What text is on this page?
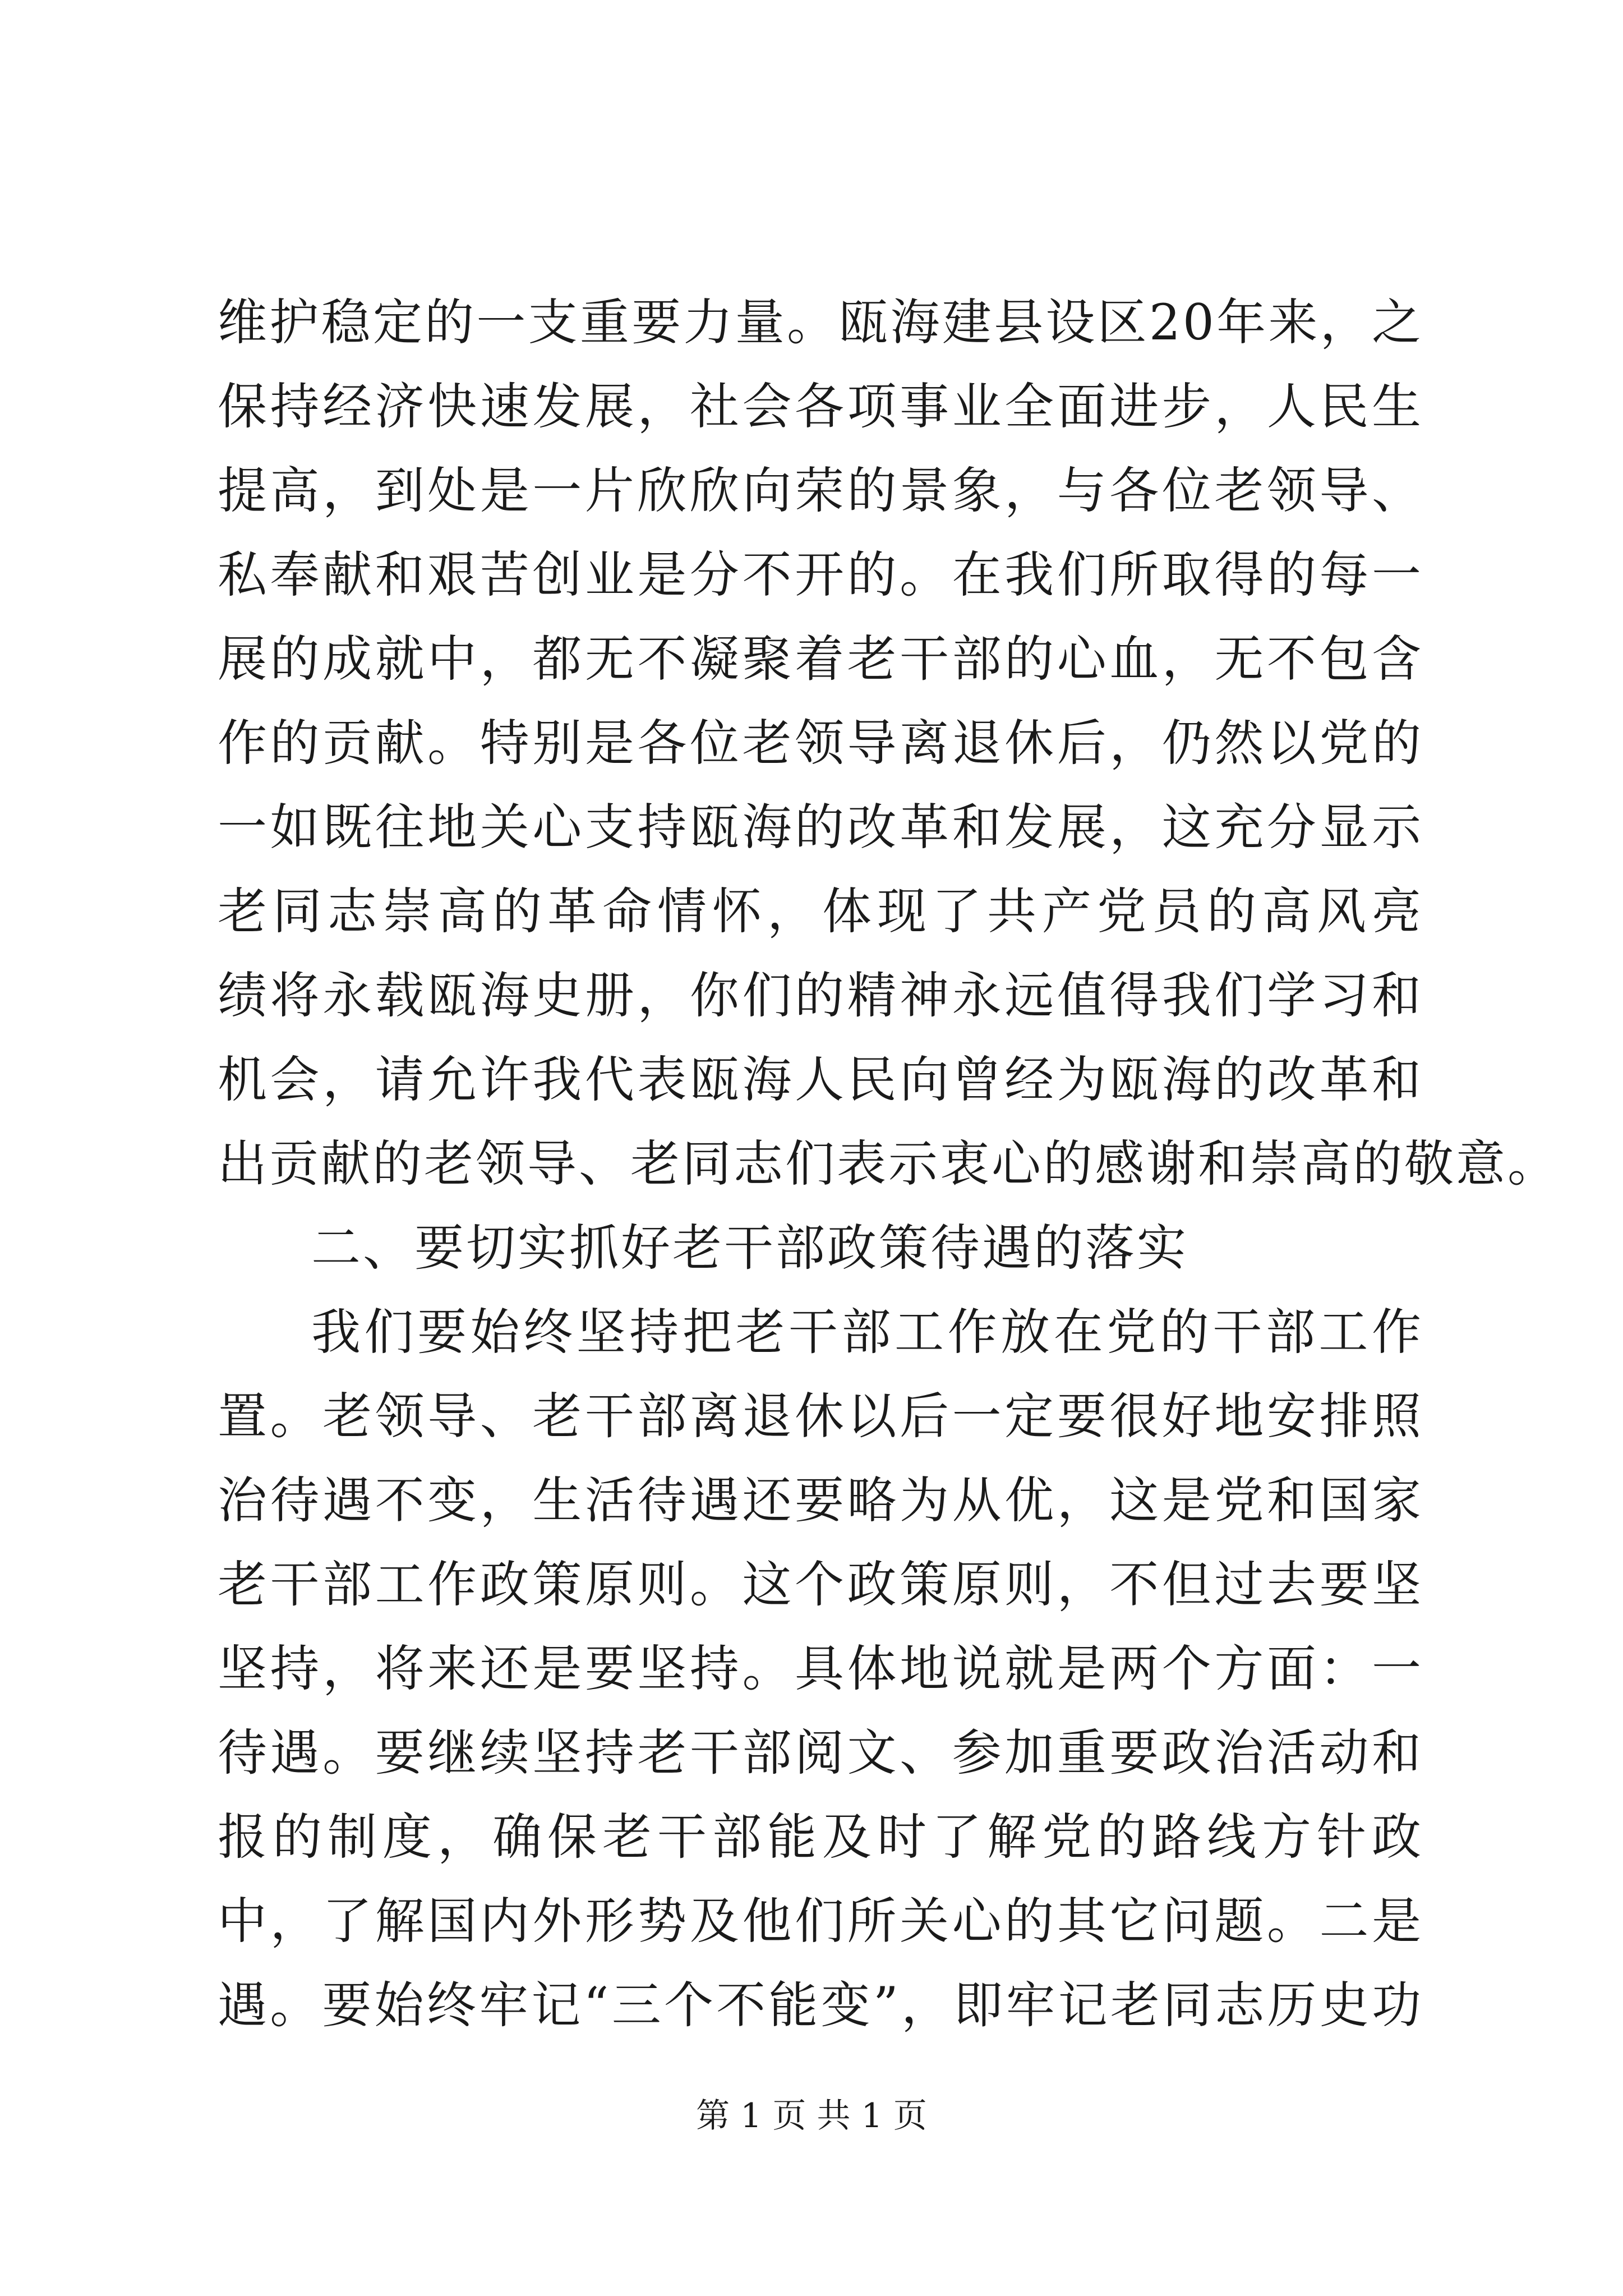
维护稳定的一支重要力量。瓯海建县设区20年来，之
保持经济快速发展，社会各项事业全面进步，人民生
提高，到处是一片欣欣向荣的景象，与各位老领导、
私奉献和艰苦创业是分不开的。在我们所取得的每一
展的成就中，都无不凝聚着老干部的心血，无不包含
作的贡献。特别是各位老领导离退休后，仍然以党的
一如既往地关心支持瓯海的改革和发展，这充分显示
老同志崇高的革命情怀，体现了共产党员的高风亮
绩将永载瓯海史册，你们的精神永远值得我们学习和
机会，请允许我代表瓯海人民向曾经为瓯海的改革和
出贡献的老领导、老同志们表示衷心的感谢和崇高的敬意。
二、要切实抓好老干部政策待遇的落实
我们要始终坚持把老干部工作放在党的干部工作
置。老领导、老干部离退休以后一定要很好地安排照
治待遇不变，生活待遇还要略为从优，这是党和国家
老干部工作政策原则。这个政策原则，不但过去要坚
坚持，将来还是要坚持。具体地说就是两个方面：一
待遇。要继续坚持老干部阅文、参加重要政治活动和
报的制度，确保老干部能及时了解党的路线方针政
中，了解国内外形势及他们所关心的其它问题。二是
遇。要始终牢记“三个不能变”，即牢记老同志历史功
第 1 页 共 1 页
